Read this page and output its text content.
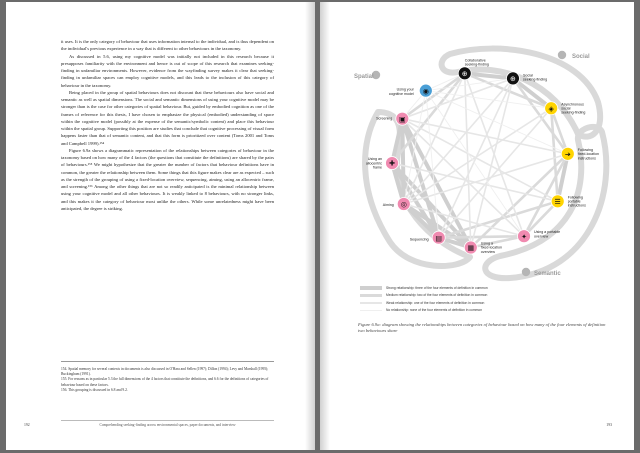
it uses. It is the only category of behaviour that uses information internal to the individual, and is thus dependent on the individual's previous experience in a way that is different to other behaviours in the taxonomy.

As discussed in 5.6, using my cognitive model was initially not included in this research because it presupposes familiarity with the environment and hence is out of scope of this research that examines seeking-finding in unfamiliar environments. However, evidence from the wayfinding survey makes it clear that seeking-finding in unfamiliar spaces can employ cognitive models, and this leads to the inclusion of this category of behaviour in the taxonomy.

Being placed in the group of spatial behaviours does not discount that these behaviours also have social and semantic as well as spatial dimensions. The social and semantic dimensions of using your cognitive model may be stronger than is the case for other categories of spatial behaviour. But, guided by embodied cognition as one of the frames of reference for this thesis, I have chosen to emphasize the physical (embodied) understanding of space within the cognitive model (possibly at the expense of the semantic/symbolic content) and place this behaviour within the spatial group. Supporting this position are studies that conclude that cognitive processing of visual form happens faster than that of semantic content, and that this form is prioritized over content (Toms 2001 and Toms and Campbell 1999).¹⁵⁴

Figure 6.9a shows a diagrammatic representation of the relationships between categories of behaviour in the taxonomy based on how many of the 4 factors (the questions that constitute the definitions) are shared by the pairs of behaviours.¹⁵⁵ We might hypothesize that the greater the number of factors that behaviour definitions have in common, the greater the relationship between them. Some things that this figure makes clear are as expected – such as the strength of the grouping of using a fixed-location overview, sequencing, aiming, using an allocentric frame, and screening.¹⁵⁶ Among the other things that are not so readily anticipated is the minimal relationship between using your cognitive model and all other behaviours. It is weakly linked to 8 behaviours, with no stronger links, and this makes it the category of behaviour most unlike the others. While some unrelatedness might have been anticipated, the degree is striking.

154. Spatial memory for several contexts in documents is also discussed in O'Hara and Sellen (1997); Dillon (1994); Levy and Marshall (1995); Buckingham (1991).

155. For reasons as in particular 5.3 the full dimensions of the 4 factors that constitute the definitions, and 6.6 for the definitions of categories of behaviour based on these factors.

156. This grouping is discussed in 6.8 and 9.2.

Comprehending seeking-finding across environmental spaces, paper documents, and interview
192
Spatial
Social
Semantic
◉
Using your cognitive model
⊕
Collaborative seeking-finding
⊕ Social seeking-finding
◈
Asynchronous social seeking-finding
➔
Following fixed-location instructions
☰
Following portable instructions
✦
Using a portable overview
▦
Using a fixed-location overview
▤
Sequencing
◎
Aiming
✚
Using an allocentric frame
▣
Screening
Strong relationship: three of the four elements of definition in common
Medium relationship: two of the four elements of definition in common
Weak relationship: one of the four elements of definition in common
No relationship: none of the four elements of definition in common
Figure 6.9a: diagram showing the relationships between categories of behaviour based on how many of the four elements of definition two behaviours share
193
